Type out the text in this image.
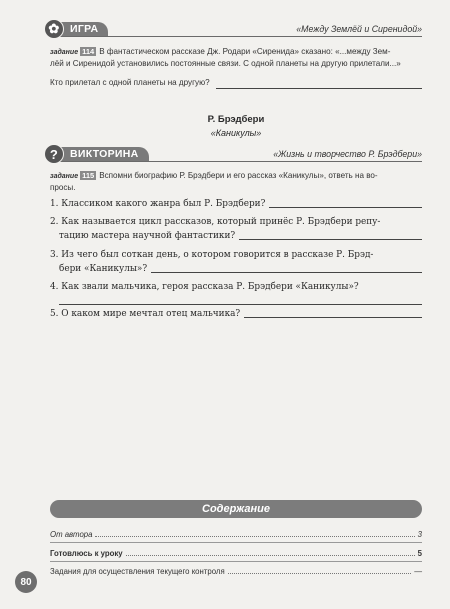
✿ ИГРА	«Между Землёй и Сиренидой»
задание 114 В фантастическом рассказе Дж. Родари «Сиренида» сказано: «...между Зем-
лёй и Сиренидой установились постоянные связи. С одной планеты на другую прилетали...»
Кто прилетал с одной планеты на другую?
Р. Брэдбери
«Каникулы»
?	ВИКТОРИНА	«Жизнь и творчество Р. Брэдбери»
задание 115 Вспомни биографию Р. Брэдбери и его рассказ «Каникулы», ответь на во-
просы.
1. Классиком какого жанра был Р. Брэдбери?
2. Как называется цикл рассказов, который принёс Р. Брэдбери репу-
тацию мастера научной фантастики?
3. Из чего был соткан день, о котором говорится в рассказе Р. Брэд-
бери «Каникулы»?
4. Как звали мальчика, героя рассказа Р. Брэдбери «Каникулы»?
5. О каком мире мечтал отец мальчика?
Содержание
От автора	3
Готовлюсь к уроку	5
Задания для осуществления текущего контроля	—
80
